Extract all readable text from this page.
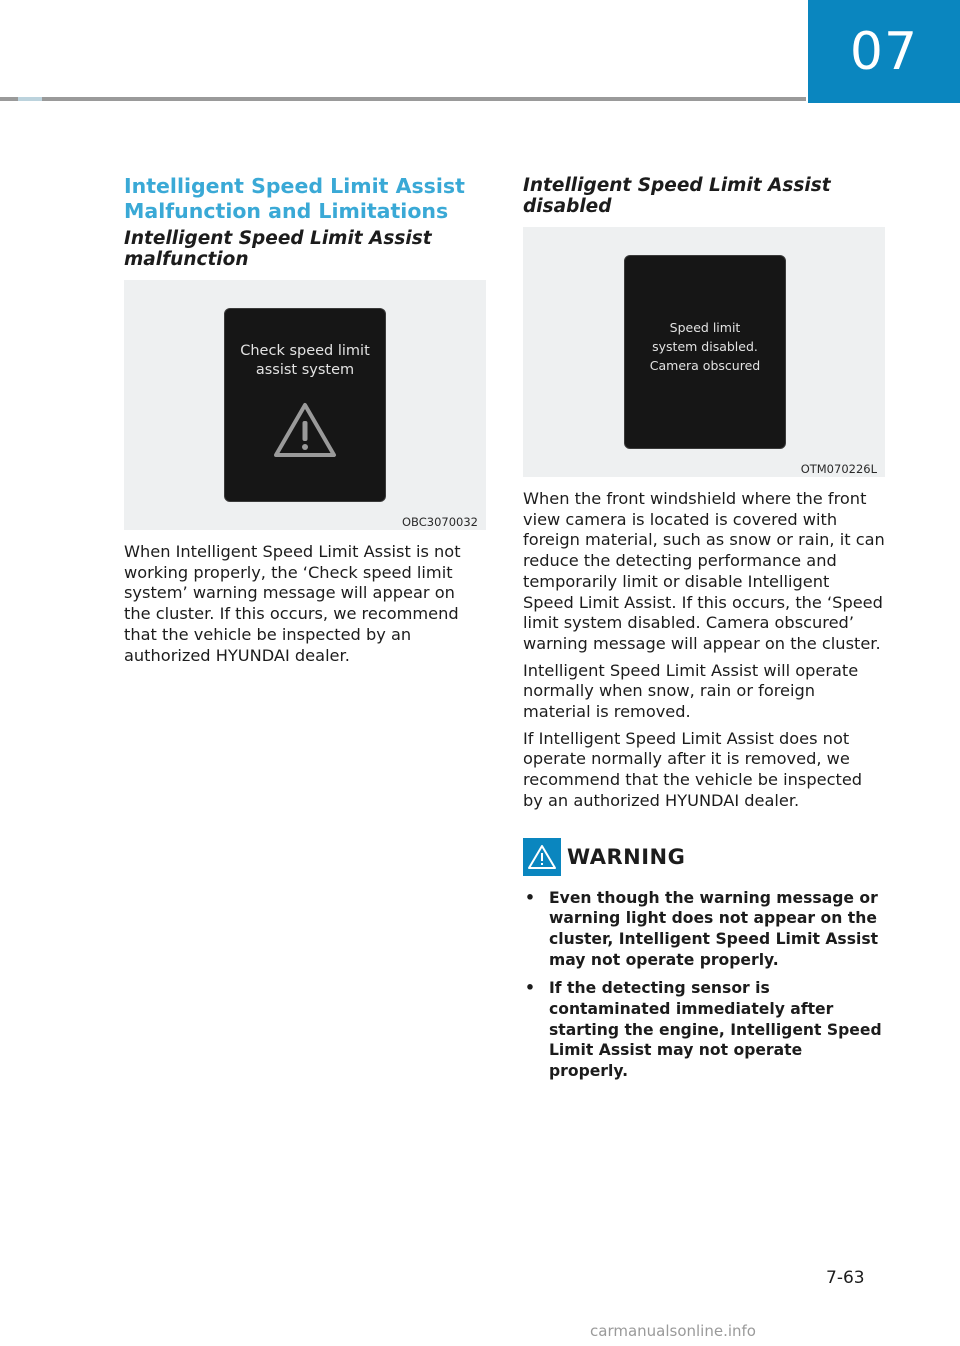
07
Intelligent Speed Limit Assist Malfunction and Limitations
Intelligent Speed Limit Assist malfunction
Check speed limit assist system
OBC3070032

When Intelligent Speed Limit Assist is not working properly, the ‘Check speed limit system’ warning message will appear on the cluster. If this occurs, we recommend that the vehicle be inspected by an authorized HYUNDAI dealer.

Intelligent Speed Limit Assist disabled
Speed limit
system disabled.
Camera obscured
OTM070226L

When the front windshield where the front view camera is located is covered with foreign material, such as snow or rain, it can reduce the detecting performance and temporarily limit or disable Intelligent Speed Limit Assist. If this occurs, the ‘Speed limit system disabled. Camera obscured’ warning message will appear on the cluster.

Intelligent Speed Limit Assist will operate normally when snow, rain or foreign material is removed.

If Intelligent Speed Limit Assist does not operate normally after it is removed, we recommend that the vehicle be inspected by an authorized HYUNDAI dealer.

WARNING
• Even though the warning message or warning light does not appear on the cluster, Intelligent Speed Limit Assist may not operate properly.
• If the detecting sensor is contaminated immediately after starting the engine, Intelligent Speed Limit Assist may not operate properly.
7-63
carmanualsonline.info
